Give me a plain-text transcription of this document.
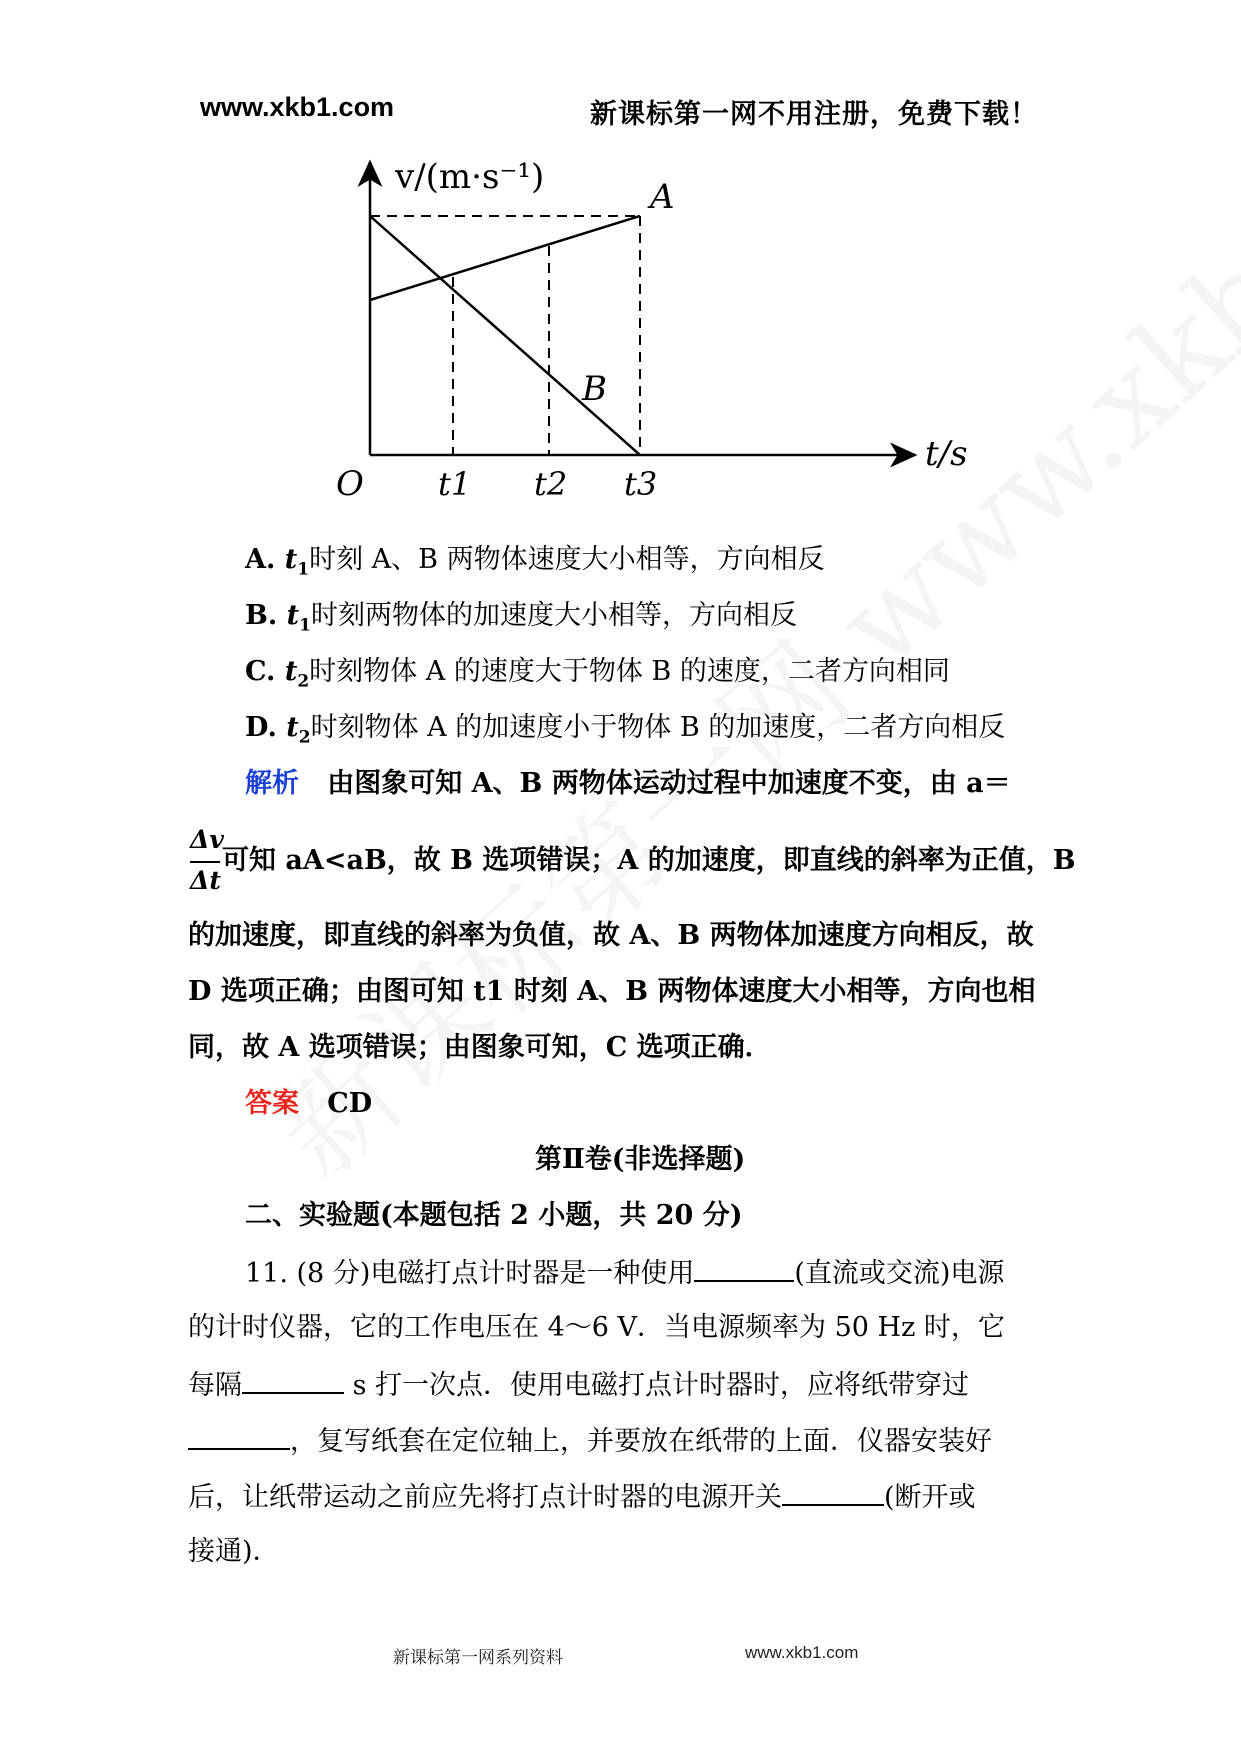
www.xkb1.com	新课标第一网不用注册，免费下载！
v/(m·s⁻¹)
t/s
O
A
B
t1 t2 t3
A. $t_1$时刻 A、B 两物体速度大小相等，方向相反
B. $t_1$时刻两物体的加速度大小相等，方向相反
C. $t_2$时刻物体 A 的速度大于物体 B 的速度，二者方向相同
D. $t_2$时刻物体 A 的加速度小于物体 B 的加速度，二者方向相反
解析 由图象可知 A、B 两物体运动过程中加速度不变，由 a＝
Δv
Δt
可知 aA<aB，故 B 选项错误；A 的加速度，即直线的斜率为正值，B
的加速度，即直线的斜率为负值，故 A、B 两物体加速度方向相反，故
D 选项正确；由图可知 t1 时刻 A、B 两物体速度大小相等，方向也相
同，故 A 选项错误；由图象可知，C 选项正确．
答案 CD
第Ⅱ卷(非选择题)
二、实验题(本题包括 2 小题，共 20 分)
11. (8 分)电磁打点计时器是一种使用	(直流或交流)电源
的计时仪器，它的工作电压在 4～6 V．当电源频率为 50 Hz 时，它
每隔	s 打一次点．使用电磁打点计时器时，应将纸带穿过
，复写纸套在定位轴上，并要放在纸带的上面．仪器安装好
后，让纸带运动之前应先将打点计时器的电源开关	(断开或
接通)．
新课标第一网系列资料	www.xkb1.com
